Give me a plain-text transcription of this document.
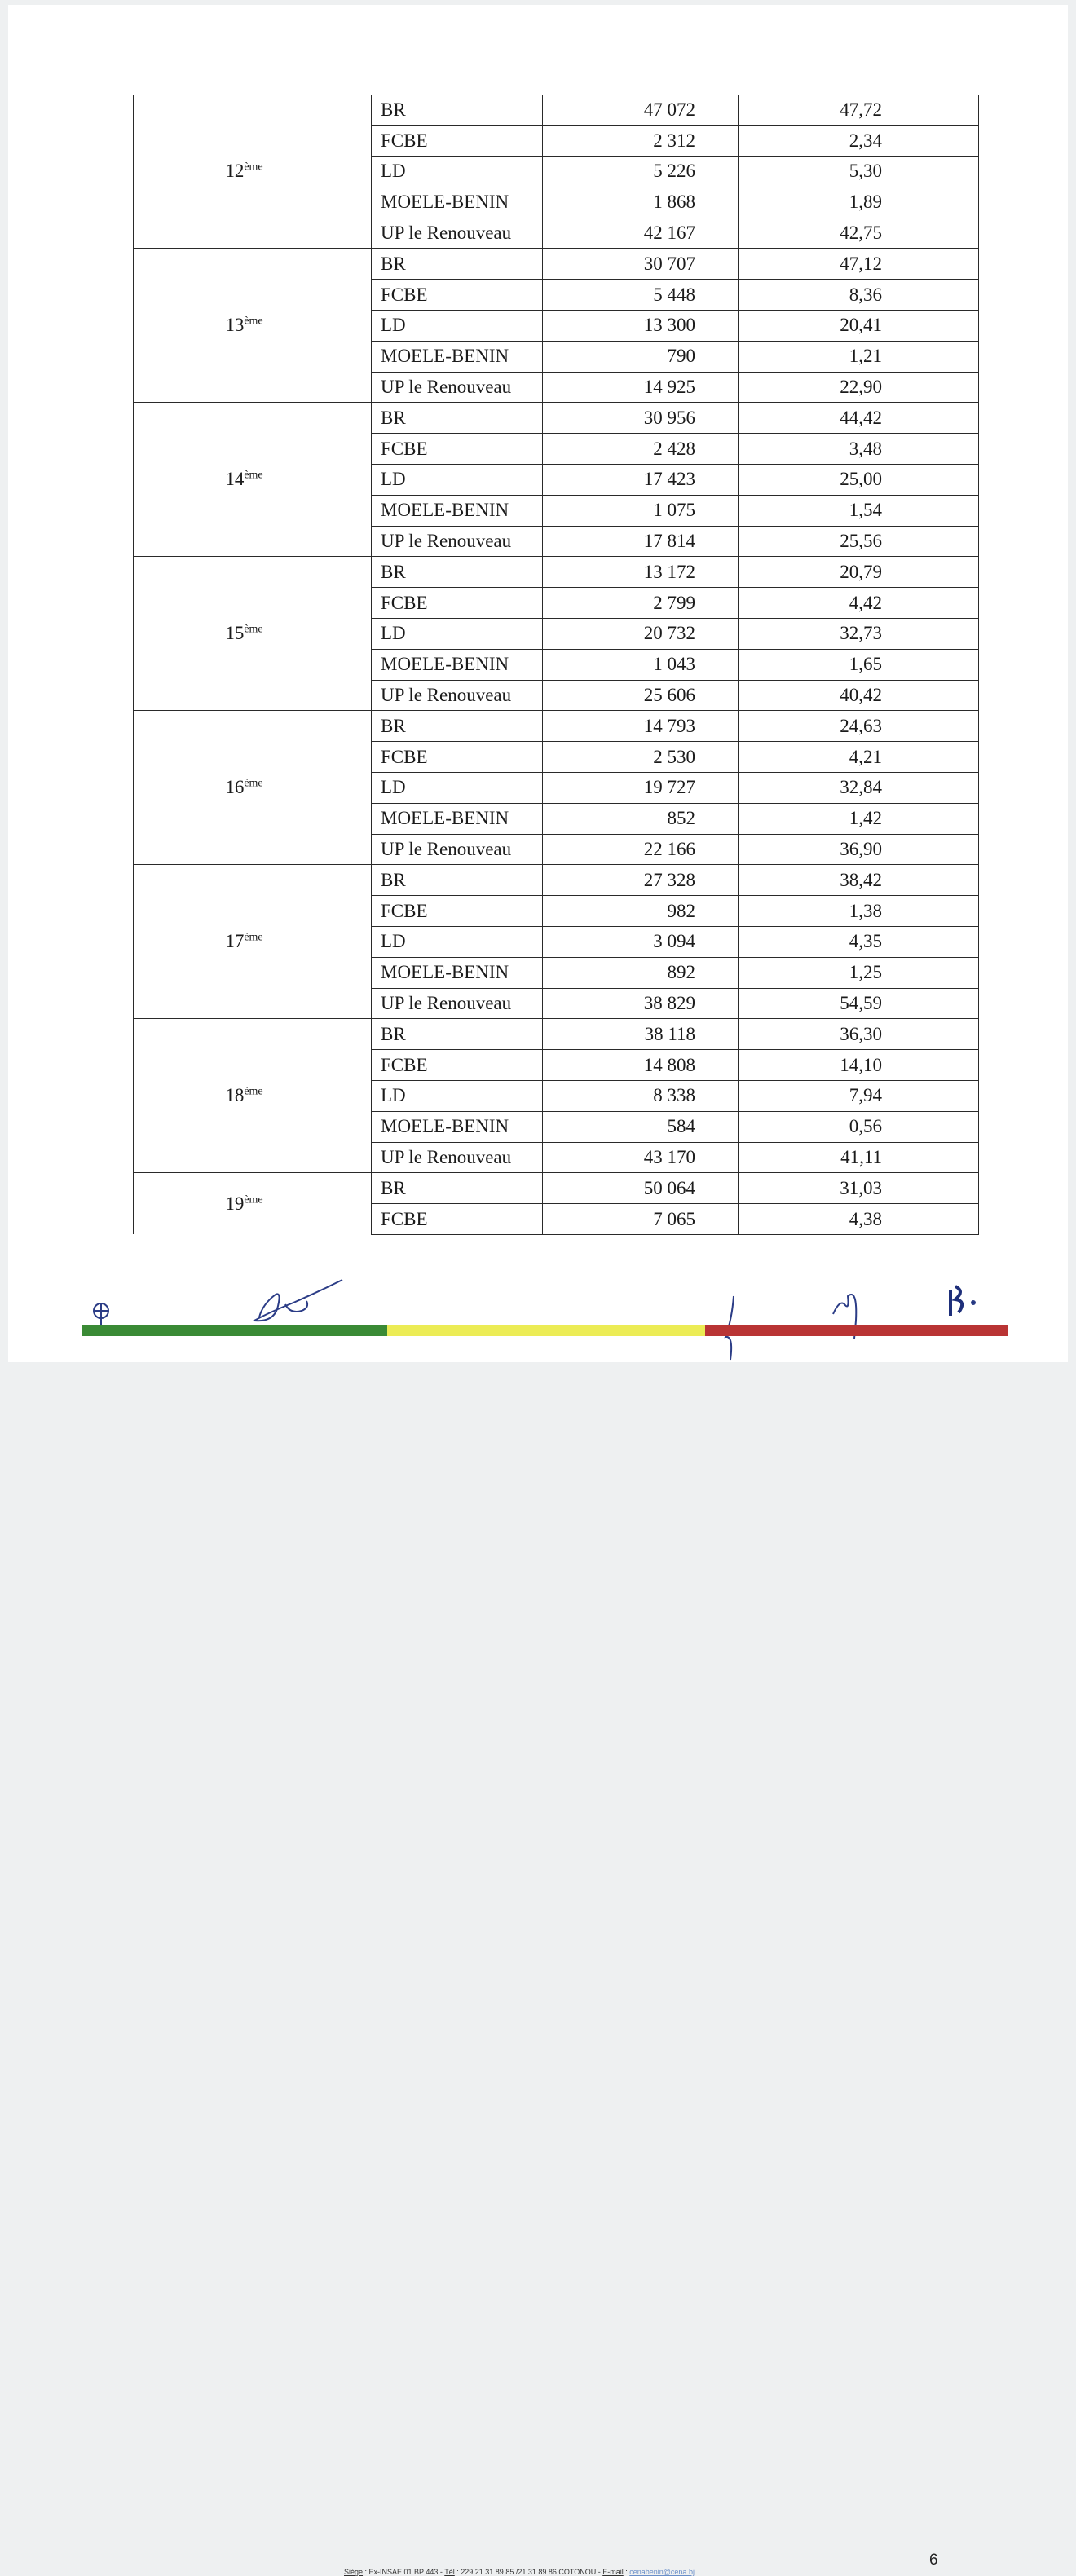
12ème	BR	47 072	47,72
	FCBE	2 312	2,34
	LD	5 226	5,30
	MOELE-BENIN	1 868	1,89
	UP le Renouveau	42 167	42,75
13ème	BR	30 707	47,12
	FCBE	5 448	8,36
	LD	13 300	20,41
	MOELE-BENIN	790	1,21
	UP le Renouveau	14 925	22,90
14ème	BR	30 956	44,42
	FCBE	2 428	3,48
	LD	17 423	25,00
	MOELE-BENIN	1 075	1,54
	UP le Renouveau	17 814	25,56
15ème	BR	13 172	20,79
	FCBE	2 799	4,42
	LD	20 732	32,73
	MOELE-BENIN	1 043	1,65
	UP le Renouveau	25 606	40,42
16ème	BR	14 793	24,63
	FCBE	2 530	4,21
	LD	19 727	32,84
	MOELE-BENIN	852	1,42
	UP le Renouveau	22 166	36,90
17ème	BR	27 328	38,42
	FCBE	982	1,38
	LD	3 094	4,35
	MOELE-BENIN	892	1,25
	UP le Renouveau	38 829	54,59
18ème	BR	38 118	36,30
	FCBE	14 808	14,10
	LD	8 338	7,94
	MOELE-BENIN	584	0,56
	UP le Renouveau	43 170	41,11
19ème	BR	50 064	31,03
	FCBE	7 065	4,38
Siège : Ex-INSAE 01 BP 443 - Tél : 229 21 31 89 85 /21 31 89 86 COTONOU - E-mail : cenabenin@cena.bj
6
